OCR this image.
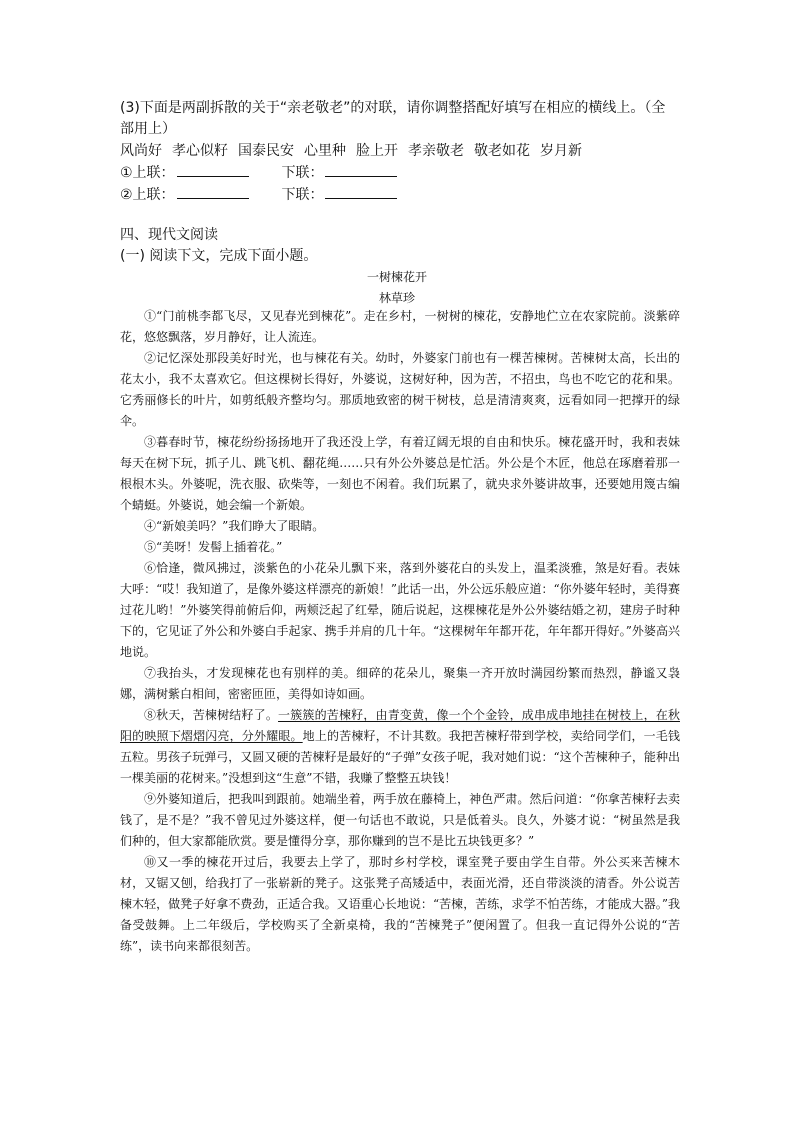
(3)下面是两副拆散的关于“亲老敬老”的对联，请你调整搭配好填写在相应的横线上。（全
部用上）
风尚好 孝心似籽 国泰民安 心里种 脸上开 孝亲敬老 敬老如花 岁月新
①上联：	下联：
②上联：	下联：
四、现代文阅读
(一) 阅读下文，完成下面小题。
一树楝花开
林草珍

①“门前桃李都飞尽，又见春光到楝花”。走在乡村，一树树的楝花，安静地伫立在农家院前。淡紫碎花，悠悠飘落，岁月静好，让人流连。

②记忆深处那段美好时光，也与楝花有关。幼时，外婆家门前也有一棵苦楝树。苦楝树太高，长出的花太小，我不太喜欢它。但这棵树长得好，外婆说，这树好种，因为苦，不招虫，鸟也不吃它的花和果。它秀丽修长的叶片，如剪纸般齐整均匀。那质地致密的树干树枝，总是清清爽爽，远看如同一把撑开的绿伞。

③暮春时节，楝花纷纷扬扬地开了我还没上学，有着辽阔无垠的自由和快乐。楝花盛开时，我和表妹每天在树下玩，抓子儿、跳飞机、翻花绳……只有外公外婆总是忙活。外公是个木匠，他总在琢磨着那一根根木头。外婆呢，洗衣服、砍柴等，一刻也不闲着。我们玩累了，就央求外婆讲故事，还要她用篾古编个蜻蜓。外婆说，她会编一个新娘。

④“新娘美吗？”我们睁大了眼睛。

⑤“美呀！发髻上插着花。”

⑥恰逢，微风拂过，淡紫色的小花朵儿飘下来，落到外婆花白的头发上，温柔淡雅，煞是好看。表妹大呼：“哎！我知道了，是像外婆这样漂亮的新娘！”此话一出，外公远乐般应道：“你外婆年轻时，美得赛过花儿哟！”外婆笑得前俯后仰，两颊泛起了红晕，随后说起，这棵楝花是外公外婆结婚之初，建房子时种下的，它见证了外公和外婆白手起家、携手并肩的几十年。“这棵树年年都开花，年年都开得好。”外婆高兴地说。

⑦我抬头，才发现楝花也有别样的美。细碎的花朵儿，聚集一齐开放时满园纷繁而热烈，静谧又袅娜，满树紫白相间，密密匝匝，美得如诗如画。

⑧秋天，苦楝树结籽了。一簇簇的苦楝籽，由青变黄，像一个个金铃，成串成串地挂在树枝上，在秋阳的映照下熠熠闪亮，分外耀眼。地上的苦楝籽，不计其数。我把苦楝籽带到学校，卖给同学们，一毛钱五粒。男孩子玩弹弓，又圆又硬的苦楝籽是最好的“子弹”女孩子呢，我对她们说：“这个苦楝种子，能种出一棵美丽的花树来。”没想到这“生意”不错，我赚了整整五块钱！

⑨外婆知道后，把我叫到跟前。她端坐着，两手放在藤椅上，神色严肃。然后问道：“你拿苦楝籽去卖钱了，是不是？”我不曾见过外婆这样，便一句话也不敢说，只是低着头。良久，外婆才说：“树虽然是我们种的，但大家都能欣赏。要是懂得分享，那你赚到的岂不是比五块钱更多？”

⑩又一季的楝花开过后，我要去上学了，那时乡村学校，课室凳子要由学生自带。外公买来苦楝木材，又锯又刨，给我打了一张崭新的凳子。这张凳子高矮适中，表面光滑，还自带淡淡的清香。外公说苦楝木轻，做凳子好拿不费劲，正适合我。又语重心长地说：“苦楝，苦练，求学不怕苦练，才能成大器。”我备受鼓舞。上二年级后，学校购买了全新桌椅，我的“苦楝凳子”便闲置了。但我一直记得外公说的“苦练”，读书向来都很刻苦。
